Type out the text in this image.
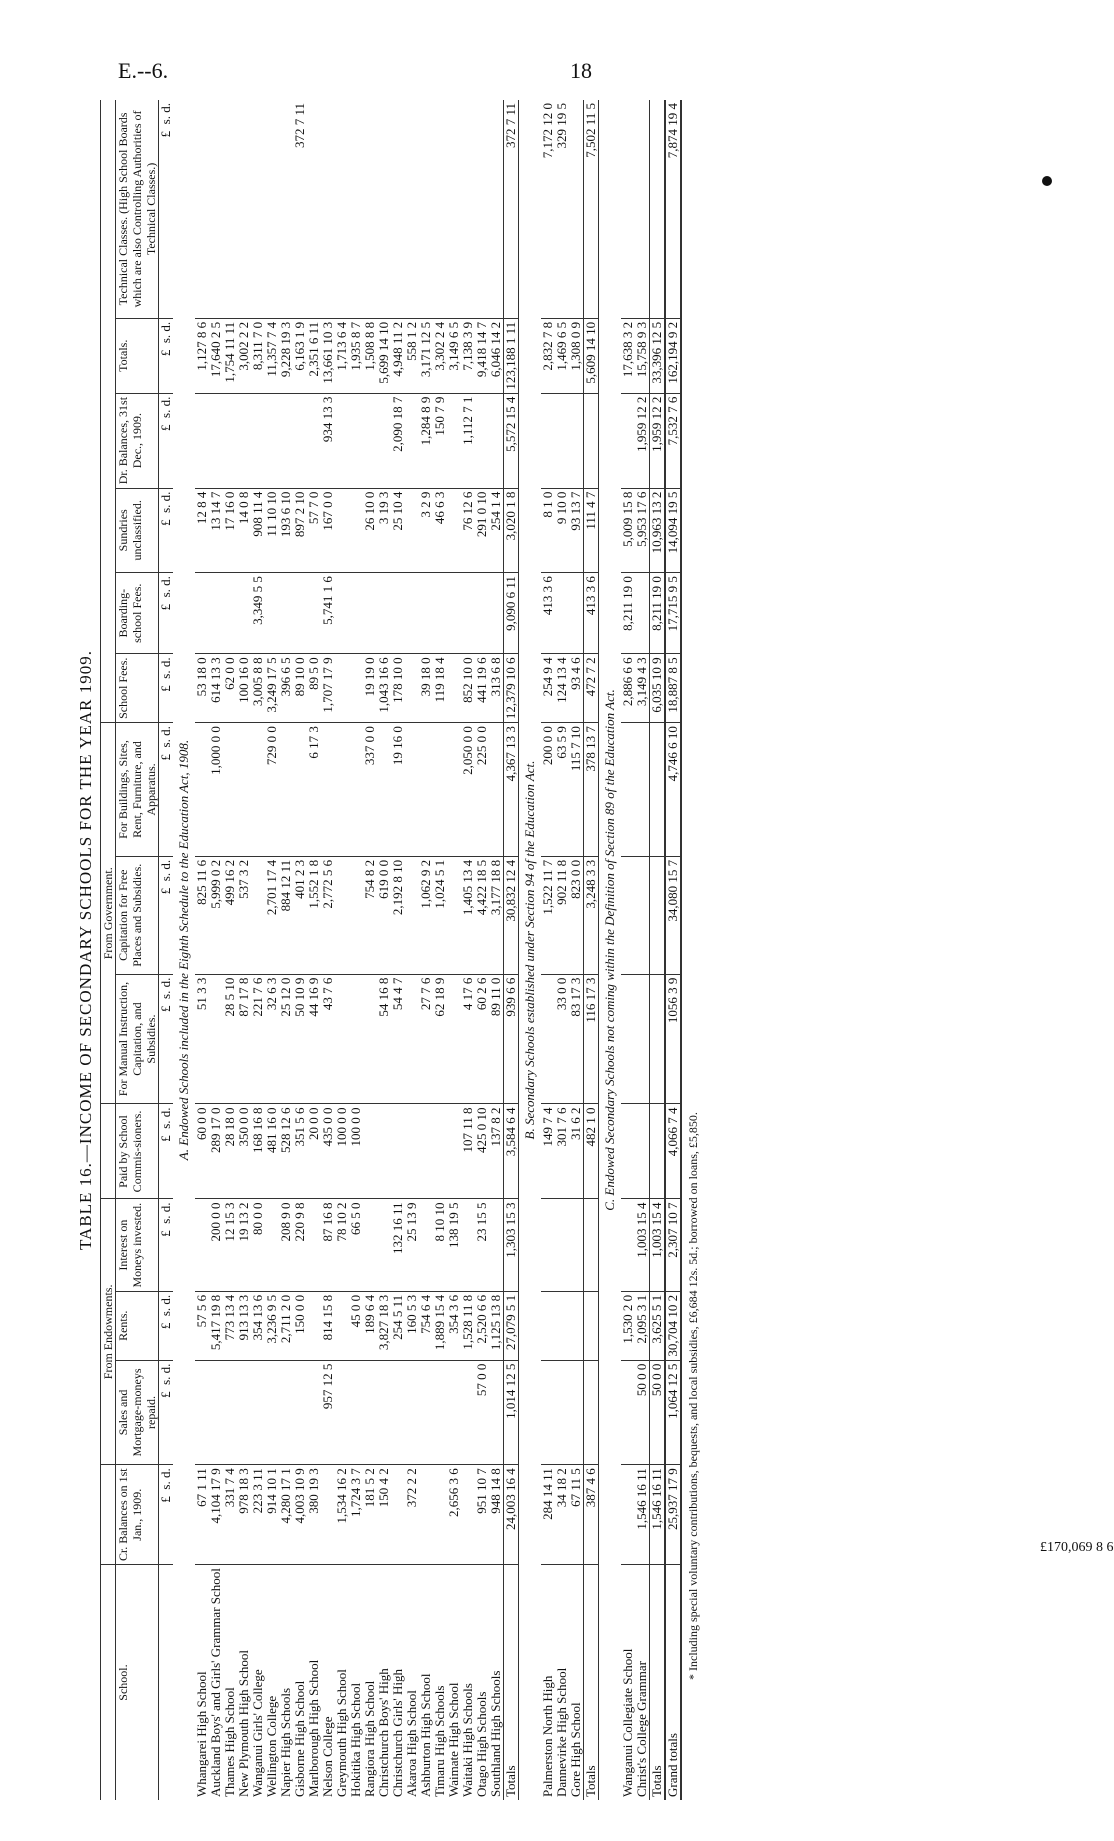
E.--6.	18
TABLE 16.—INCOME OF SECONDARY SCHOOLS FOR THE YEAR 1909.
		From Endowments.				From Government.								
School.	Cr. Balances on 1st Jan., 1909.	Sales and Mortgage-moneys repaid.	Rents.	Interest on Moneys invested.	Paid by School Commis-sioners.	For Manual Instruction, Capitation, and Subsidies.	Capitation for Free Places and Subsidies.	For Buildings, Sites, Rent, Furniture, and Apparatus.	School Fees.	Boarding-school Fees.	Sundries unclassified.	Dr. Balances, 31st Dec., 1909.	Totals.	Technical Classes. (High School Boards which are also Controlling Authorities of Technical Classes.)
	£  s. d.	£  s. d.	£  s. d.	£  s. d.	£  s. d.	£  s. d.	£  s. d.	£  s. d.	£  s. d.	£  s. d.	£  s. d.	£  s. d.	£  s. d.	£  s. d.
A. Endowed Schools included in the Eighth Schedule to the Education Act, 1908.														
Whangarei High School	67 1 11		57 5 6		60 0 0	51 3 3	825 11 6		53 18 0		12 8 4		1,127 8 6	
Auckland Boys' and Girls' Grammar School	4,104 17 9		5,417 19 8	200 0 0	289 17 0		5,999 0 2	1,000 0 0	614 13 3		13 14 7		17,640 2 5	
Thames High School	331 7 4		773 13 4	12 15 3	28 18 0	28 5 10	499 16 2		62 0 0		17 16 0		1,754 11 11	
New Plymouth High School	978 18 3		913 13 3	19 13 2	350 0 0	87 17 8	537 3 2		100 16 0		14 0 8		3,002 2 2	
Wanganui Girls' College	223 3 11		354 13 6	80 0 0	168 16 8	221 7 6			3,005 8 8	3,349 5 5	908 11 4		8,311 7 0	
Wellington College	914 10 1		3,236 9 5		481 16 0	32 6 3	2,701 17 4	729 0 0	3,249 17 5		11 10 10		11,357 7 4	
Napier High Schools	4,280 17 1		2,711 2 0	208 9 0	528 12 6	25 12 0	884 12 11		396 6 5		193 6 10		9,228 19 3	
Gisborne High School	4,003 10 9		150 0 0	220 9 8	351 5 6	50 10 9	401 2 3		89 10 0		897 2 10		6,163 1 9	372 7 11
Marlborough High School	380 19 3				20 0 0	44 16 9	1,552 1 8	6 17 3	89 5 0		57 7 0		2,351 6 11	
Nelson College		957 12 5	814 15 8	87 16 8	435 0 0	43 7 6	2,772 5 6		1,707 17 9	5,741 1 6	167 0 0	934 13 3	13,661 10 3	
Greymouth High School	1,534 16 2			78 10 2	100 0 0								1,713 6 4	
Hokitika High School	1,724 3 7		45 0 0	66 5 0	100 0 0								1,935 8 7	
Rangiora High School	181 5 2		189 6 4				754 8 2	337 0 0	19 19 0		26 10 0		1,508 8 8	
Christchurch Boys' High	150 4 2		3,827 18 3			54 16 8	619 0 0		1,043 16 6		3 19 3		5,699 14 10	
Christchurch Girls' High			254 5 11	132 16 11		54 4 7	2,192 8 10	19 16 0	178 10 0		25 10 4	2,090 18 7	4,948 11 2	
Akaroa High School	372 2 2		160 5 3	25 13 9									558 1 2	
Ashburton High School			754 6 4			27 7 6	1,062 9 2		39 18 0		3 2 9	1,284 8 9	3,171 12 5	
Timaru High Schools			1,889 15 4	8 10 10		62 18 9	1,024 5 1		119 18 4		46 6 3	150 7 9	3,302 2 4	
Waimate High School	2,656 3 6		354 3 6	138 19 5									3,149 6 5	
Waitaki High Schools			1,528 11 8		107 11 8	4 17 6	1,405 13 4	2,050 0 0	852 10 0		76 12 6	1,112 7 1	7,138 3 9	
Otago High Schools	951 10 7	57 0 0	2,520 6 6	23 15 5	425 0 10	60 2 6	4,422 18 5	225 0 0	441 19 6		291 0 10		9,418 14 7	
Southland High Schools	948 14 8		1,125 13 8		137 8 2	89 11 0	3,177 18 8		313 6 8		254 1 4		6,046 14 2	
Totals	24,003 16 4	1,014 12 5	27,079 5 1	1,303 15 3	3,584 6 4	939 6 6	30,832 12 4	4,367 13 3	12,379 10 6	9,090 6 11	3,020 1 8	5,572 15 4	123,188 1 11	372 7 11
B. Secondary Schools established under Section 94 of the Education Act.														
Palmerston North High	284 14 11				149 7 4		1,522 11 7	200 0 0	254 9 4	413 3 6	8 1 0		2,832 7 8	7,172 12 0
Dannevirke High School	34 18 2				301 7 6	33 0 0	902 11 8	63 5 9	124 13 4		9 10 0		1,469 6 5	329 19 5
Gore High School	67 11 5				31 6 2	83 17 3	823 0 0	115 7 10	93 4 6		93 13 7		1,308 0 9	
Totals	387 4 6				482 1 0	116 17 3	3,248 3 3	378 13 7	472 7 2	413 3 6	111 4 7		5,609 14 10	7,502 11 5
C. Endowed Secondary Schools not coming within the Definition of Section 89 of the Education Act.														
Wanganui Collegiate School			1,530 2 0						2,886 6 6	8,211 19 0	5,009 15 8		17,638 3 2	
Christ's College Grammar	1,546 16 11	50 0 0	2,095 3 1	1,003 15 4					3,149 4 3		5,953 17 6	1,959 12 2	15,758 9 3	
Totals	1,546 16 11	50 0 0	3,625 5 1	1,003 15 4					6,035 10 9	8,211 19 0	10,963 13 2	1,959 12 2	33,396 12 5	
Grand totals	25,937 17 9	1,064 12 5	30,704 10 2	2,307 10 7	4,066 7 4	1056 3 9	34,080 15 7	4,746 6 10	18,887 8 5	17,715 9 5	14,094 19 5	7,532 7 6	162,194 9 2	7,874 19 4
* Including special voluntary contributions, bequests, and local subsidies, £6,684 12s. 5d.; borrowed on loans, £5,850.	£170,069 8 6
